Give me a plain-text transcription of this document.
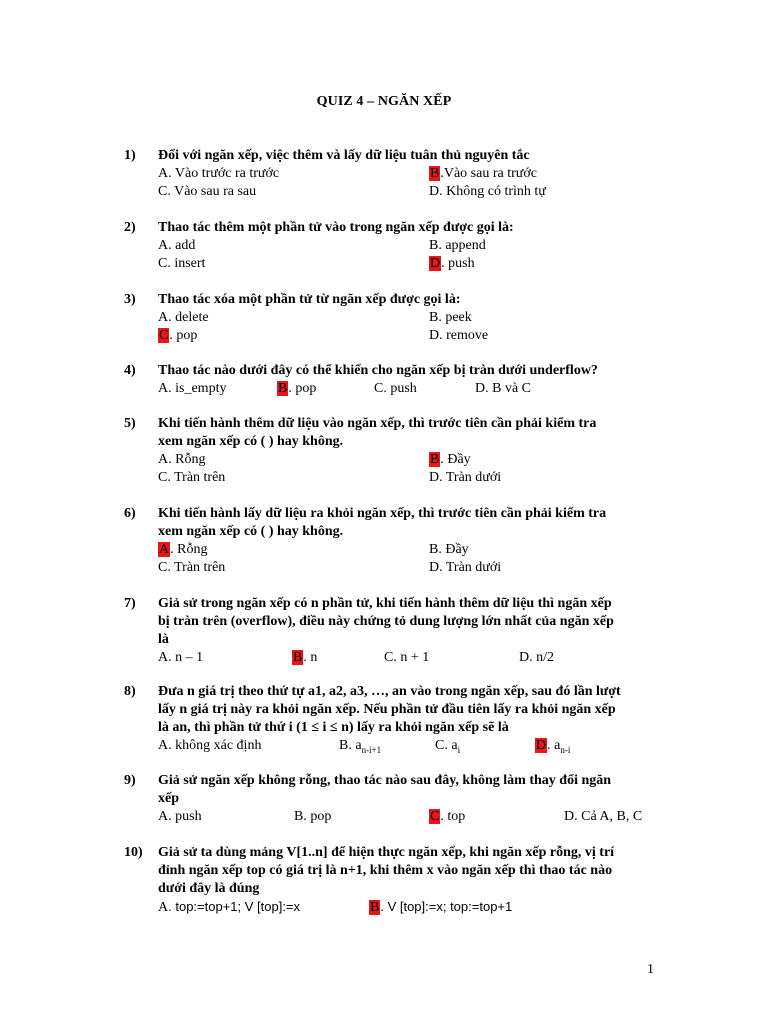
QUIZ 4 – NGĂN XẾP
1) Đối với ngăn xếp, việc thêm và lấy dữ liệu tuân thủ nguyên tắc
A. Vào trước ra trước	B.Vào sau ra trước
C. Vào sau ra sau	D. Không có trình tự
2) Thao tác thêm một phần tử vào trong ngăn xếp được gọi là:
A. add	B. append
C. insert	D. push
3) Thao tác xóa một phần tử từ ngăn xếp được gọi là:
A. delete	B. peek
C. pop	D. remove
4) Thao tác nào dưới đây có thể khiến cho ngăn xếp bị tràn dưới underflow?
A. is_empty	B. pop	C. push	D. B và C
5) Khi tiến hành thêm dữ liệu vào ngăn xếp, thì trước tiên cần phải kiểm tra
xem ngăn xếp có ( ) hay không.
A. Rỗng	B. Đầy
C. Tràn trên	D. Tràn dưới
6) Khi tiến hành lấy dữ liệu ra khỏi ngăn xếp, thì trước tiên cần phải kiểm tra
xem ngăn xếp có ( ) hay không.
A. Rỗng	B. Đầy
C. Tràn trên	D. Tràn dưới
7) Giả sử trong ngăn xếp có n phần tử, khi tiến hành thêm dữ liệu thì ngăn xếp
bị tràn trên (overflow), điều này chứng tỏ dung lượng lớn nhất của ngăn xếp
là
A. n – 1	B. n	C. n + 1	D. n/2
8) Đưa n giá trị theo thứ tự a1, a2, a3, …, an vào trong ngăn xếp, sau đó lần lượt
lấy n giá trị này ra khỏi ngăn xếp. Nếu phần tử đầu tiên lấy ra khỏi ngăn xếp
là an, thì phần tử thứ i (1 ≤ i ≤ n) lấy ra khỏi ngăn xếp sẽ là
A. không xác định	B. $a_{n-i+1}$	C. $a_i$	D. $a_{n-i}$
9) Giả sử ngăn xếp không rỗng, thao tác nào sau đây, không làm thay đổi ngăn
xếp
A. push	B. pop	C. top	D. Cả A, B, C
10) Giả sử ta dùng mảng V[1..n] để hiện thực ngăn xếp, khi ngăn xếp rỗng, vị trí
đỉnh ngăn xếp top có giá trị là n+1, khi thêm x vào ngăn xếp thì thao tác nào
dưới đây là đúng
A. top:=top+1; V [top]:=x	B. V [top]:=x; top:=top+1
1
